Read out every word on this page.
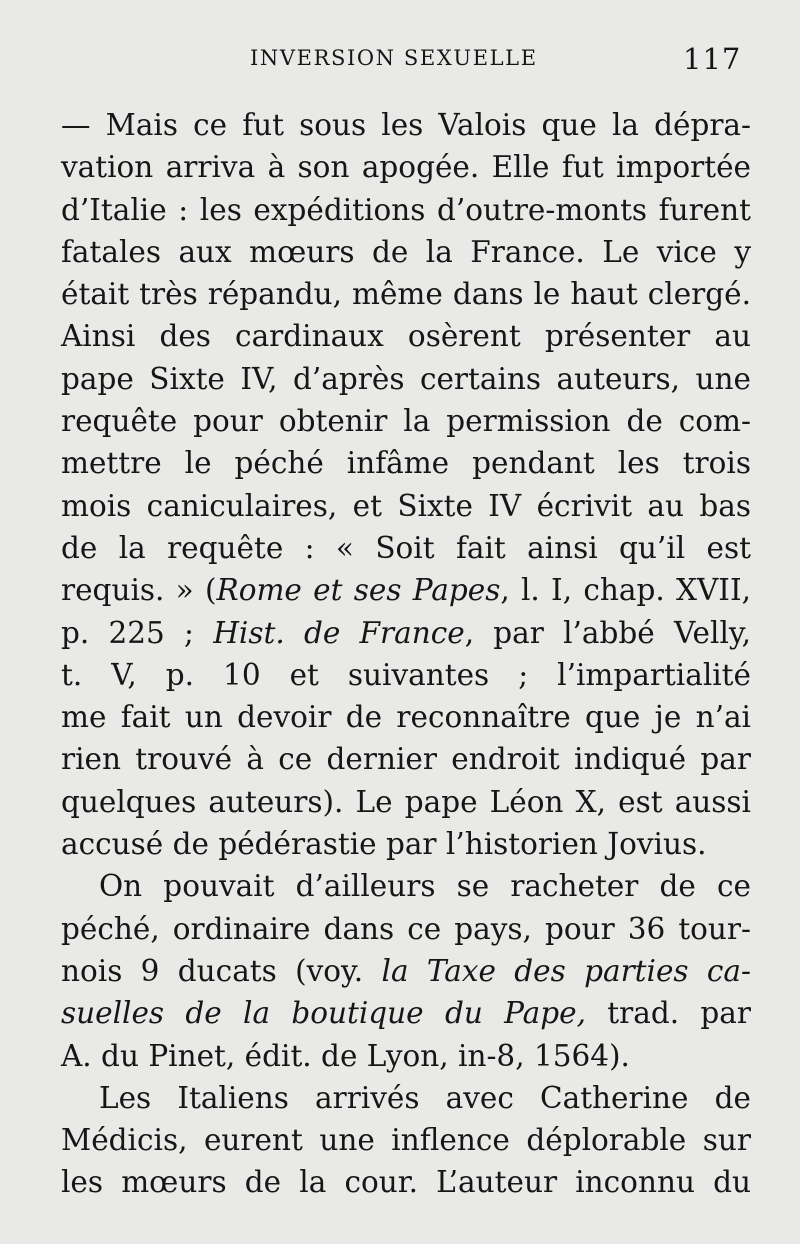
INVERSION SEXUELLE	117
— Mais ce fut sous les Valois que la dépra-
vation arriva à son apogée. Elle fut importée
d’Italie : les expéditions d’outre-monts furent
fatales aux mœurs de la France. Le vice y
était très répandu, même dans le haut clergé.
Ainsi des cardinaux osèrent présenter au
pape Sixte IV, d’après certains auteurs, une
requête pour obtenir la permission de com-
mettre le péché infâme pendant les trois
mois caniculaires, et Sixte IV écrivit au bas
de la requête : « Soit fait ainsi qu’il est
requis. » (Rome et ses Papes, l. I, chap. XVII,
p. 225 ; Hist. de France, par l’abbé Velly,
t. V, p. 10 et suivantes ; l’impartialité
me fait un devoir de reconnaître que je n’ai
rien trouvé à ce dernier endroit indiqué par
quelques auteurs). Le pape Léon X, est aussi
accusé de pédérastie par l’historien Jovius.
On pouvait d’ailleurs se racheter de ce
péché, ordinaire dans ce pays, pour 36 tour-
nois 9 ducats (voy. la Taxe des parties ca-
suelles de la boutique du Pape, trad. par
A. du Pinet, édit. de Lyon, in-8, 1564).
Les Italiens arrivés avec Catherine de
Médicis, eurent une inflence déplorable sur
les mœurs de la cour. L’auteur inconnu du
